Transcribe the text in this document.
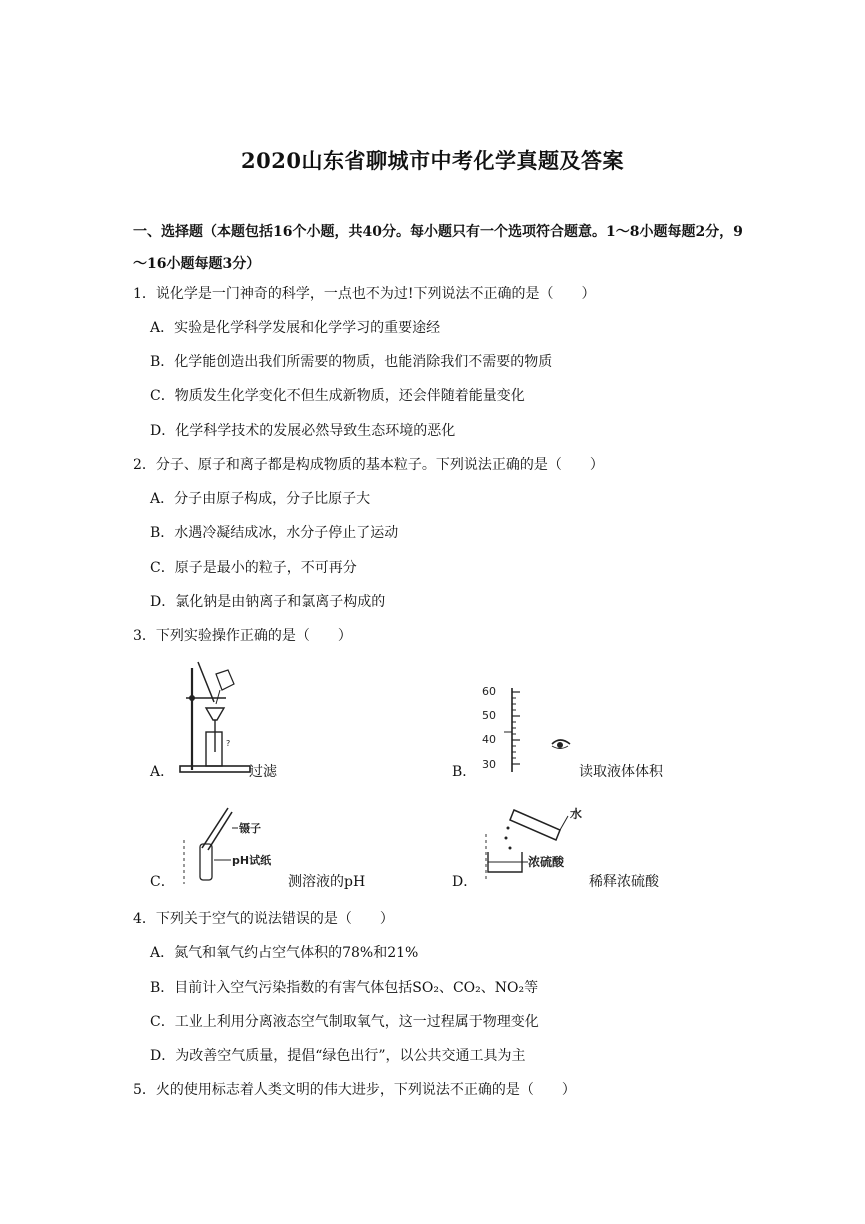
2020山东省聊城市中考化学真题及答案
一、选择题（本题包括16个小题，共40分。每小题只有一个选项符合题意。1～8小题每题2分，9～16小题每题3分）
1．说化学是一门神奇的科学，一点也不为过!下列说法不正确的是（　　）
A．实验是化学科学发展和化学学习的重要途经
B．化学能创造出我们所需要的物质，也能消除我们不需要的物质
C．物质发生化学变化不但生成新物质，还会伴随着能量变化
D．化学科学技术的发展必然导致生态环境的恶化
2．分子、原子和离子都是构成物质的基本粒子。下列说法正确的是（　　）
A．分子由原子构成，分子比原子大
B．水遇冷凝结成冰，水分子停止了运动
C．原子是最小的粒子，不可再分
D．氯化钠是由钠离子和氯离子构成的
3．下列实验操作正确的是（　　）
A．
?
过滤	B．
60
50
40
30	读取液体体积
C．
镊子
pH试纸
测溶液的pH	D．
水
浓硫酸
稀释浓硫酸
4．下列关于空气的说法错误的是（　　）
A．氮气和氧气约占空气体积的78%和21%
B．目前计入空气污染指数的有害气体包括SO₂、CO₂、NO₂等
C．工业上利用分离液态空气制取氧气，这一过程属于物理变化
D．为改善空气质量，提倡“绿色出行”，以公共交通工具为主
5．火的使用标志着人类文明的伟大进步，下列说法不正确的是（　　）
